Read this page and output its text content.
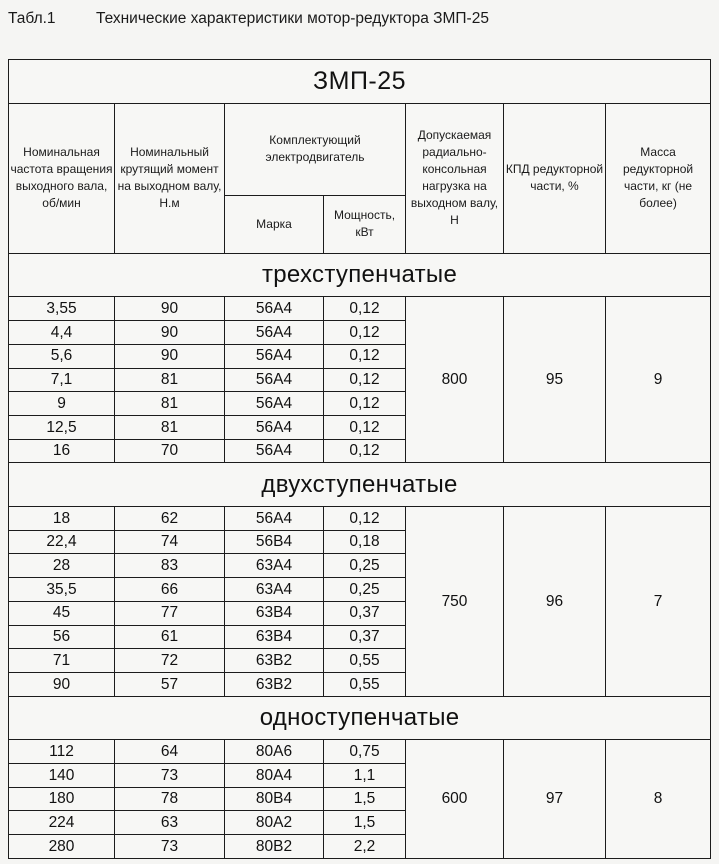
Табл.1	Технические характеристики мотор-редуктора ЗМП-25
ЗМП-25						
Номинальная частота вращения выходного вала, об/мин	Номинальный крутящий момент на выходном валу, Н.м	Комплектующий электродвигатель		Допускаемая радиально-консольная нагрузка на выходном валу, Н	КПД редукторной части, %	Масса редукторной части, кг (не более)
		Марка	Мощность, кВт			
трехступенчатые						
3,55	90	56А4	0,12	800	95	9
4,4	90	56А4	0,12			
5,6	90	56А4	0,12			
7,1	81	56А4	0,12			
9	81	56А4	0,12			
12,5	81	56А4	0,12			
16	70	56А4	0,12			
двухступенчатые						
18	62	56А4	0,12	750	96	7
22,4	74	56В4	0,18			
28	83	63А4	0,25			
35,5	66	63А4	0,25			
45	77	63В4	0,37			
56	61	63В4	0,37			
71	72	63В2	0,55			
90	57	63В2	0,55			
одноступенчатые						
112	64	80А6	0,75	600	97	8
140	73	80А4	1,1			
180	78	80В4	1,5			
224	63	80А2	1,5			
280	73	80В2	2,2			
